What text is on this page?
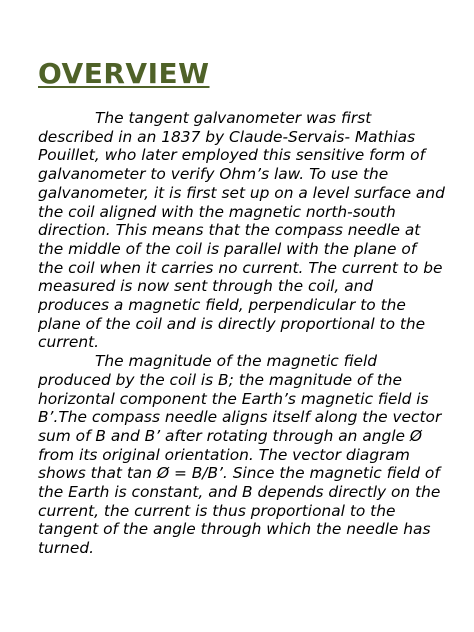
OVERVIEW

The tangent galvanometer was first described in an 1837 by Claude-Servais- Mathias Pouillet, who later employed this sensitive form of galvanometer to verify Ohm’s law. To use the galvanometer, it is first set up on a level surface and the coil aligned with the magnetic north-south direction. This means that the compass needle at the middle of the coil is parallel with the plane of the coil when it carries no current. The current to be measured is now sent through the coil, and produces a magnetic field, perpendicular to the plane of the coil and is directly proportional to the current.

The magnitude of the magnetic field produced by the coil is B; the magnitude of the horizontal component the Earth’s magnetic field is B’.The compass needle aligns itself along the vector sum of B and B’ after rotating through an angle Ø from its original orientation. The vector diagram shows that tan Ø = B/B’. Since the magnetic field of the Earth is constant, and B depends directly on the current, the current is thus proportional to the tangent of the angle through which the needle has turned.
